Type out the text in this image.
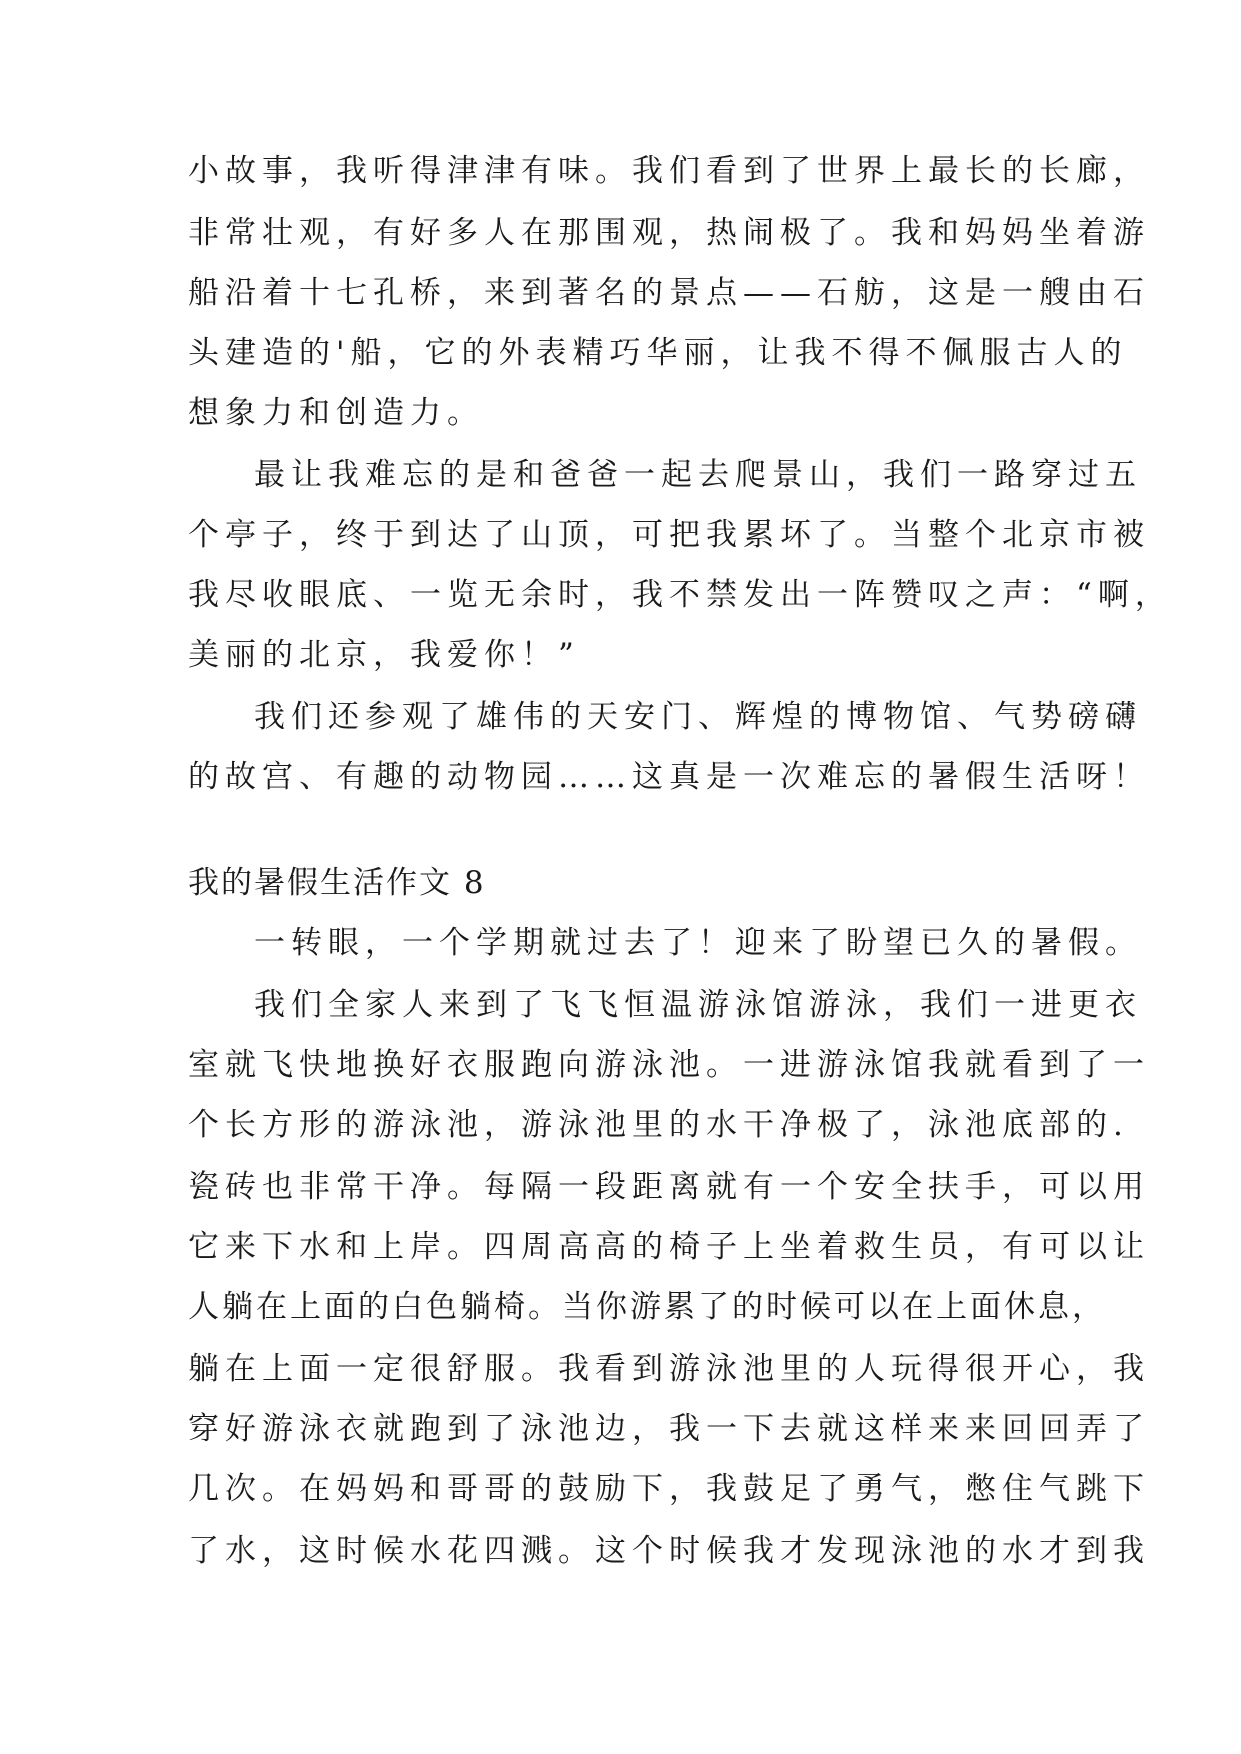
小故事，我听得津津有味。我们看到了世界上最长的长廊，
非常壮观，有好多人在那围观，热闹极了。我和妈妈坐着游
船沿着十七孔桥，来到著名的景点——石舫，这是一艘由石
头建造的'船，它的外表精巧华丽，让我不得不佩服古人的
想象力和创造力。
最让我难忘的是和爸爸一起去爬景山，我们一路穿过五
个亭子，终于到达了山顶，可把我累坏了。当整个北京市被
我尽收眼底、一览无余时，我不禁发出一阵赞叹之声：“啊，
美丽的北京，我爱你！”
我们还参观了雄伟的天安门、辉煌的博物馆、气势磅礴
的故宫、有趣的动物园……这真是一次难忘的暑假生活呀！
我的暑假生活作文 8
一转眼，一个学期就过去了！迎来了盼望已久的暑假。
我们全家人来到了飞飞恒温游泳馆游泳，我们一进更衣
室就飞快地换好衣服跑向游泳池。一进游泳馆我就看到了一
个长方形的游泳池，游泳池里的水干净极了，泳池底部的.
瓷砖也非常干净。每隔一段距离就有一个安全扶手，可以用
它来下水和上岸。四周高高的椅子上坐着救生员，有可以让
人躺在上面的白色躺椅。当你游累了的时候可以在上面休息，
躺在上面一定很舒服。我看到游泳池里的人玩得很开心，我
穿好游泳衣就跑到了泳池边，我一下去就这样来来回回弄了
几次。在妈妈和哥哥的鼓励下，我鼓足了勇气，憋住气跳下
了水，这时候水花四溅。这个时候我才发现泳池的水才到我
